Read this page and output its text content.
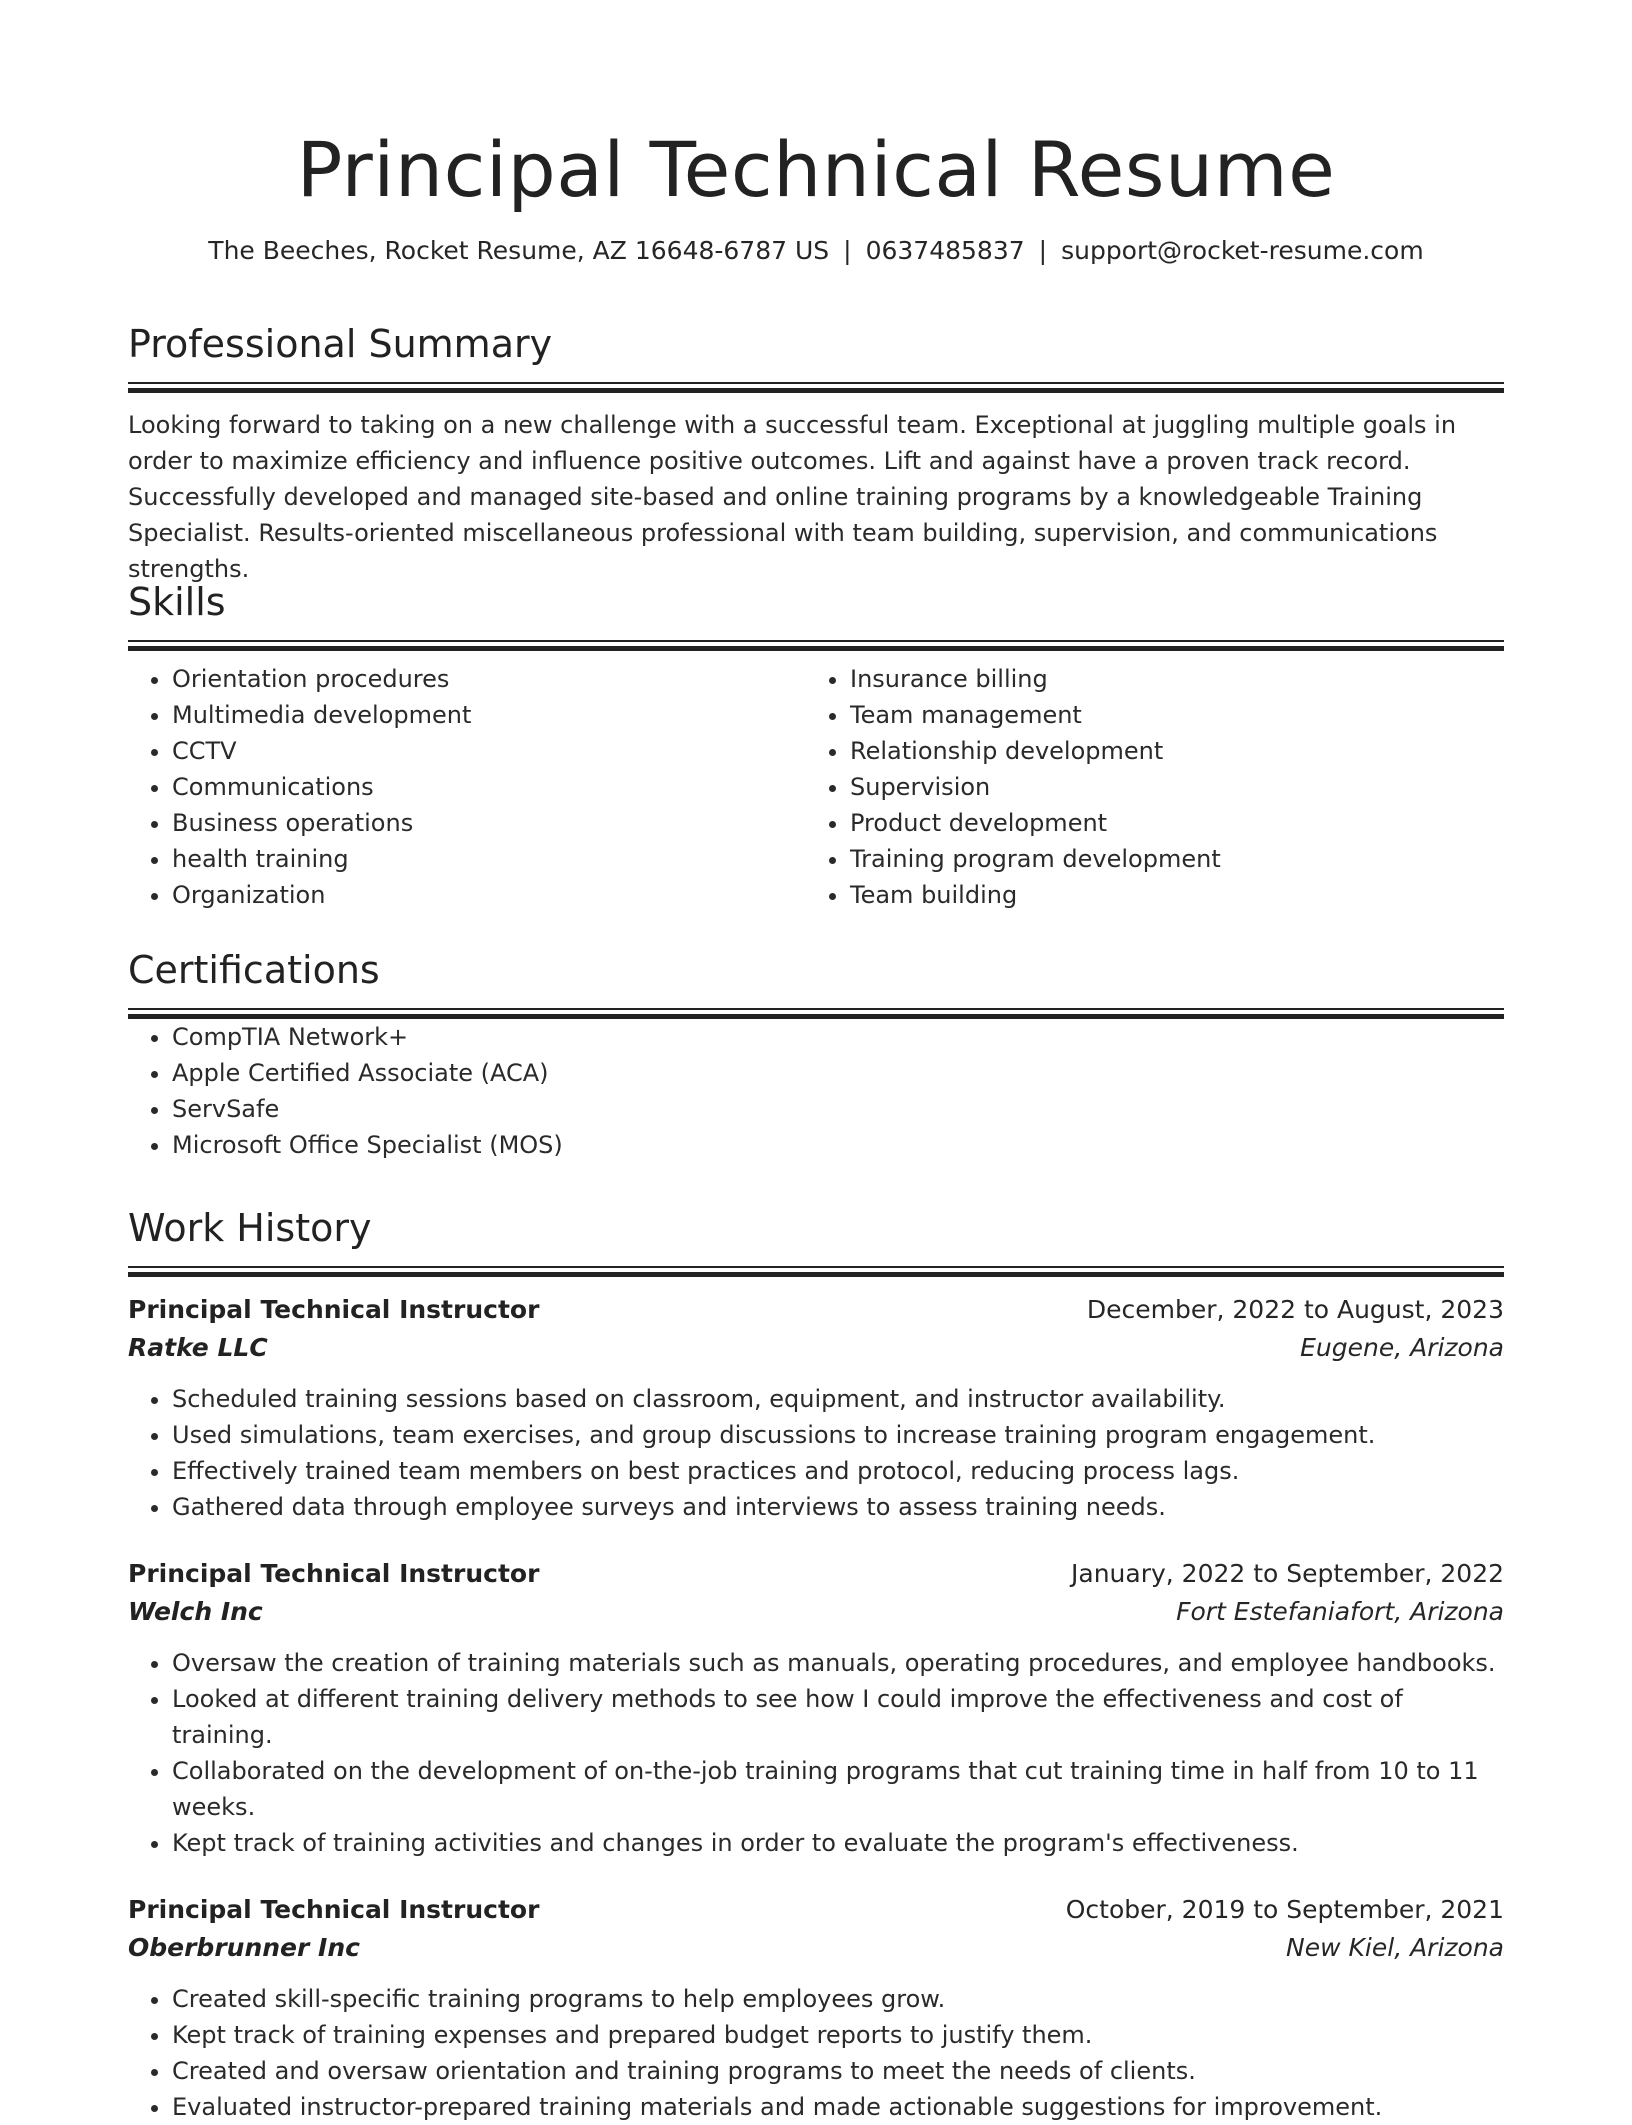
Principal Technical Resume
The Beeches, Rocket Resume, AZ 16648-6787 US | 0637485837 | support@rocket-resume.com
Professional Summary

Looking forward to taking on a new challenge with a successful team. Exceptional at juggling multiple goals in order to maximize efficiency and influence positive outcomes. Lift and against have a proven track record. Successfully developed and managed site-based and online training programs by a knowledgeable Training Specialist. Results-oriented miscellaneous professional with team building, supervision, and communications strengths.

Skills
• Orientation procedures
• Multimedia development
• CCTV
• Communications
• Business operations
• health training
• Organization
• Insurance billing
• Team management
• Relationship development
• Supervision
• Product development
• Training program development
• Team building
Certifications
• CompTIA Network+
• Apple Certified Associate (ACA)
• ServSafe
• Microsoft Office Specialist (MOS)
Work History
Principal Technical Instructor	December, 2022 to August, 2023
Ratke LLC	Eugene, Arizona
• Scheduled training sessions based on classroom, equipment, and instructor availability.
• Used simulations, team exercises, and group discussions to increase training program engagement.
• Effectively trained team members on best practices and protocol, reducing process lags.
• Gathered data through employee surveys and interviews to assess training needs.
Principal Technical Instructor	January, 2022 to September, 2022
Welch Inc	Fort Estefaniafort, Arizona
• Oversaw the creation of training materials such as manuals, operating procedures, and employee handbooks.
• Looked at different training delivery methods to see how I could improve the effectiveness and cost of training.
• Collaborated on the development of on-the-job training programs that cut training time in half from 10 to 11 weeks.
• Kept track of training activities and changes in order to evaluate the program's effectiveness.
Principal Technical Instructor	October, 2019 to September, 2021
Oberbrunner Inc	New Kiel, Arizona
• Created skill-specific training programs to help employees grow.
• Kept track of training expenses and prepared budget reports to justify them.
• Created and oversaw orientation and training programs to meet the needs of clients.
• Evaluated instructor-prepared training materials and made actionable suggestions for improvement.
